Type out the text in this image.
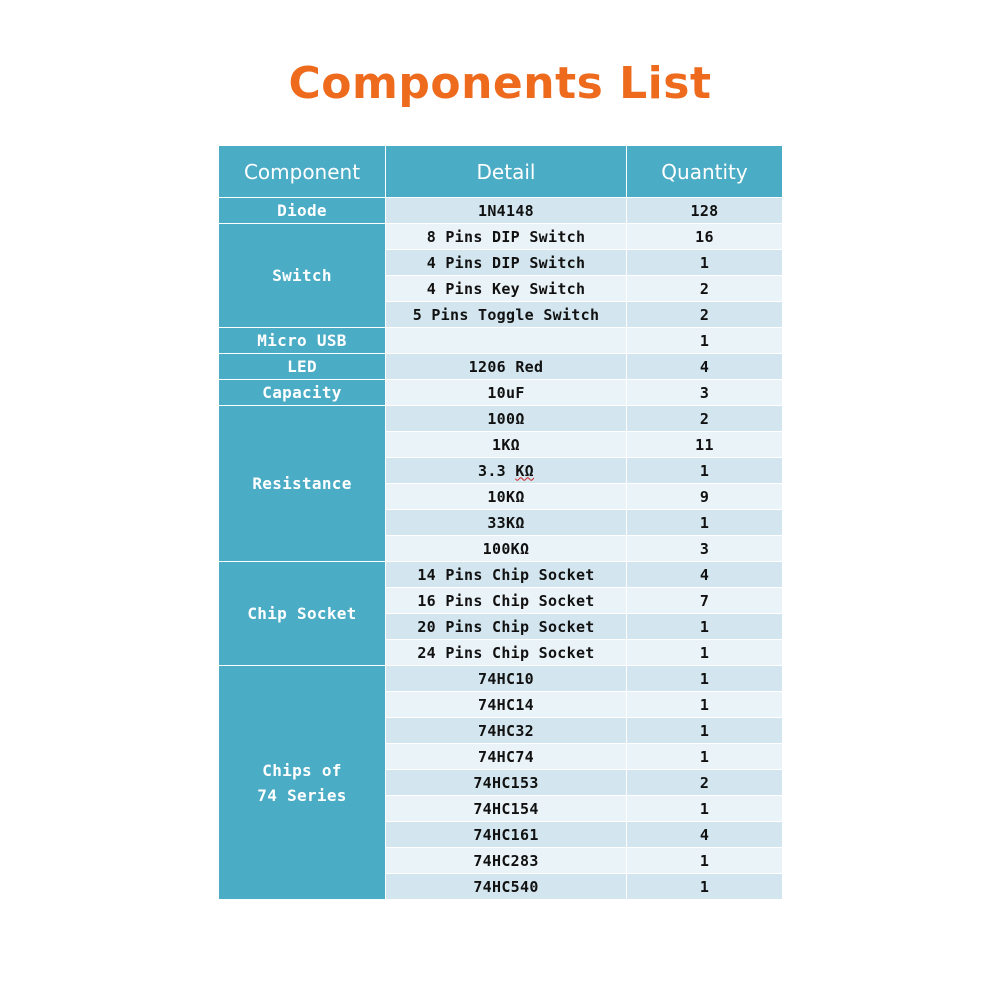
Components List
Component	Detail	Quantity
Diode	1N4148	128
Switch	8 Pins DIP Switch	16
	4 Pins DIP Switch	1
	4 Pins Key Switch	2
	5 Pins Toggle Switch	2
Micro USB		1
LED	1206 Red	4
Capacity	10uF	3
Resistance	100Ω	2
	1KΩ	11
	3.3 KΩ	1
	10KΩ	9
	33KΩ	1
	100KΩ	3
Chip Socket	14 Pins Chip Socket	4
	16 Pins Chip Socket	7
	20 Pins Chip Socket	1
	24 Pins Chip Socket	1
Chips of 74 Series	74HC10	1
	74HC14	1
	74HC32	1
	74HC74	1
	74HC153	2
	74HC154	1
	74HC161	4
	74HC283	1
	74HC540	1
